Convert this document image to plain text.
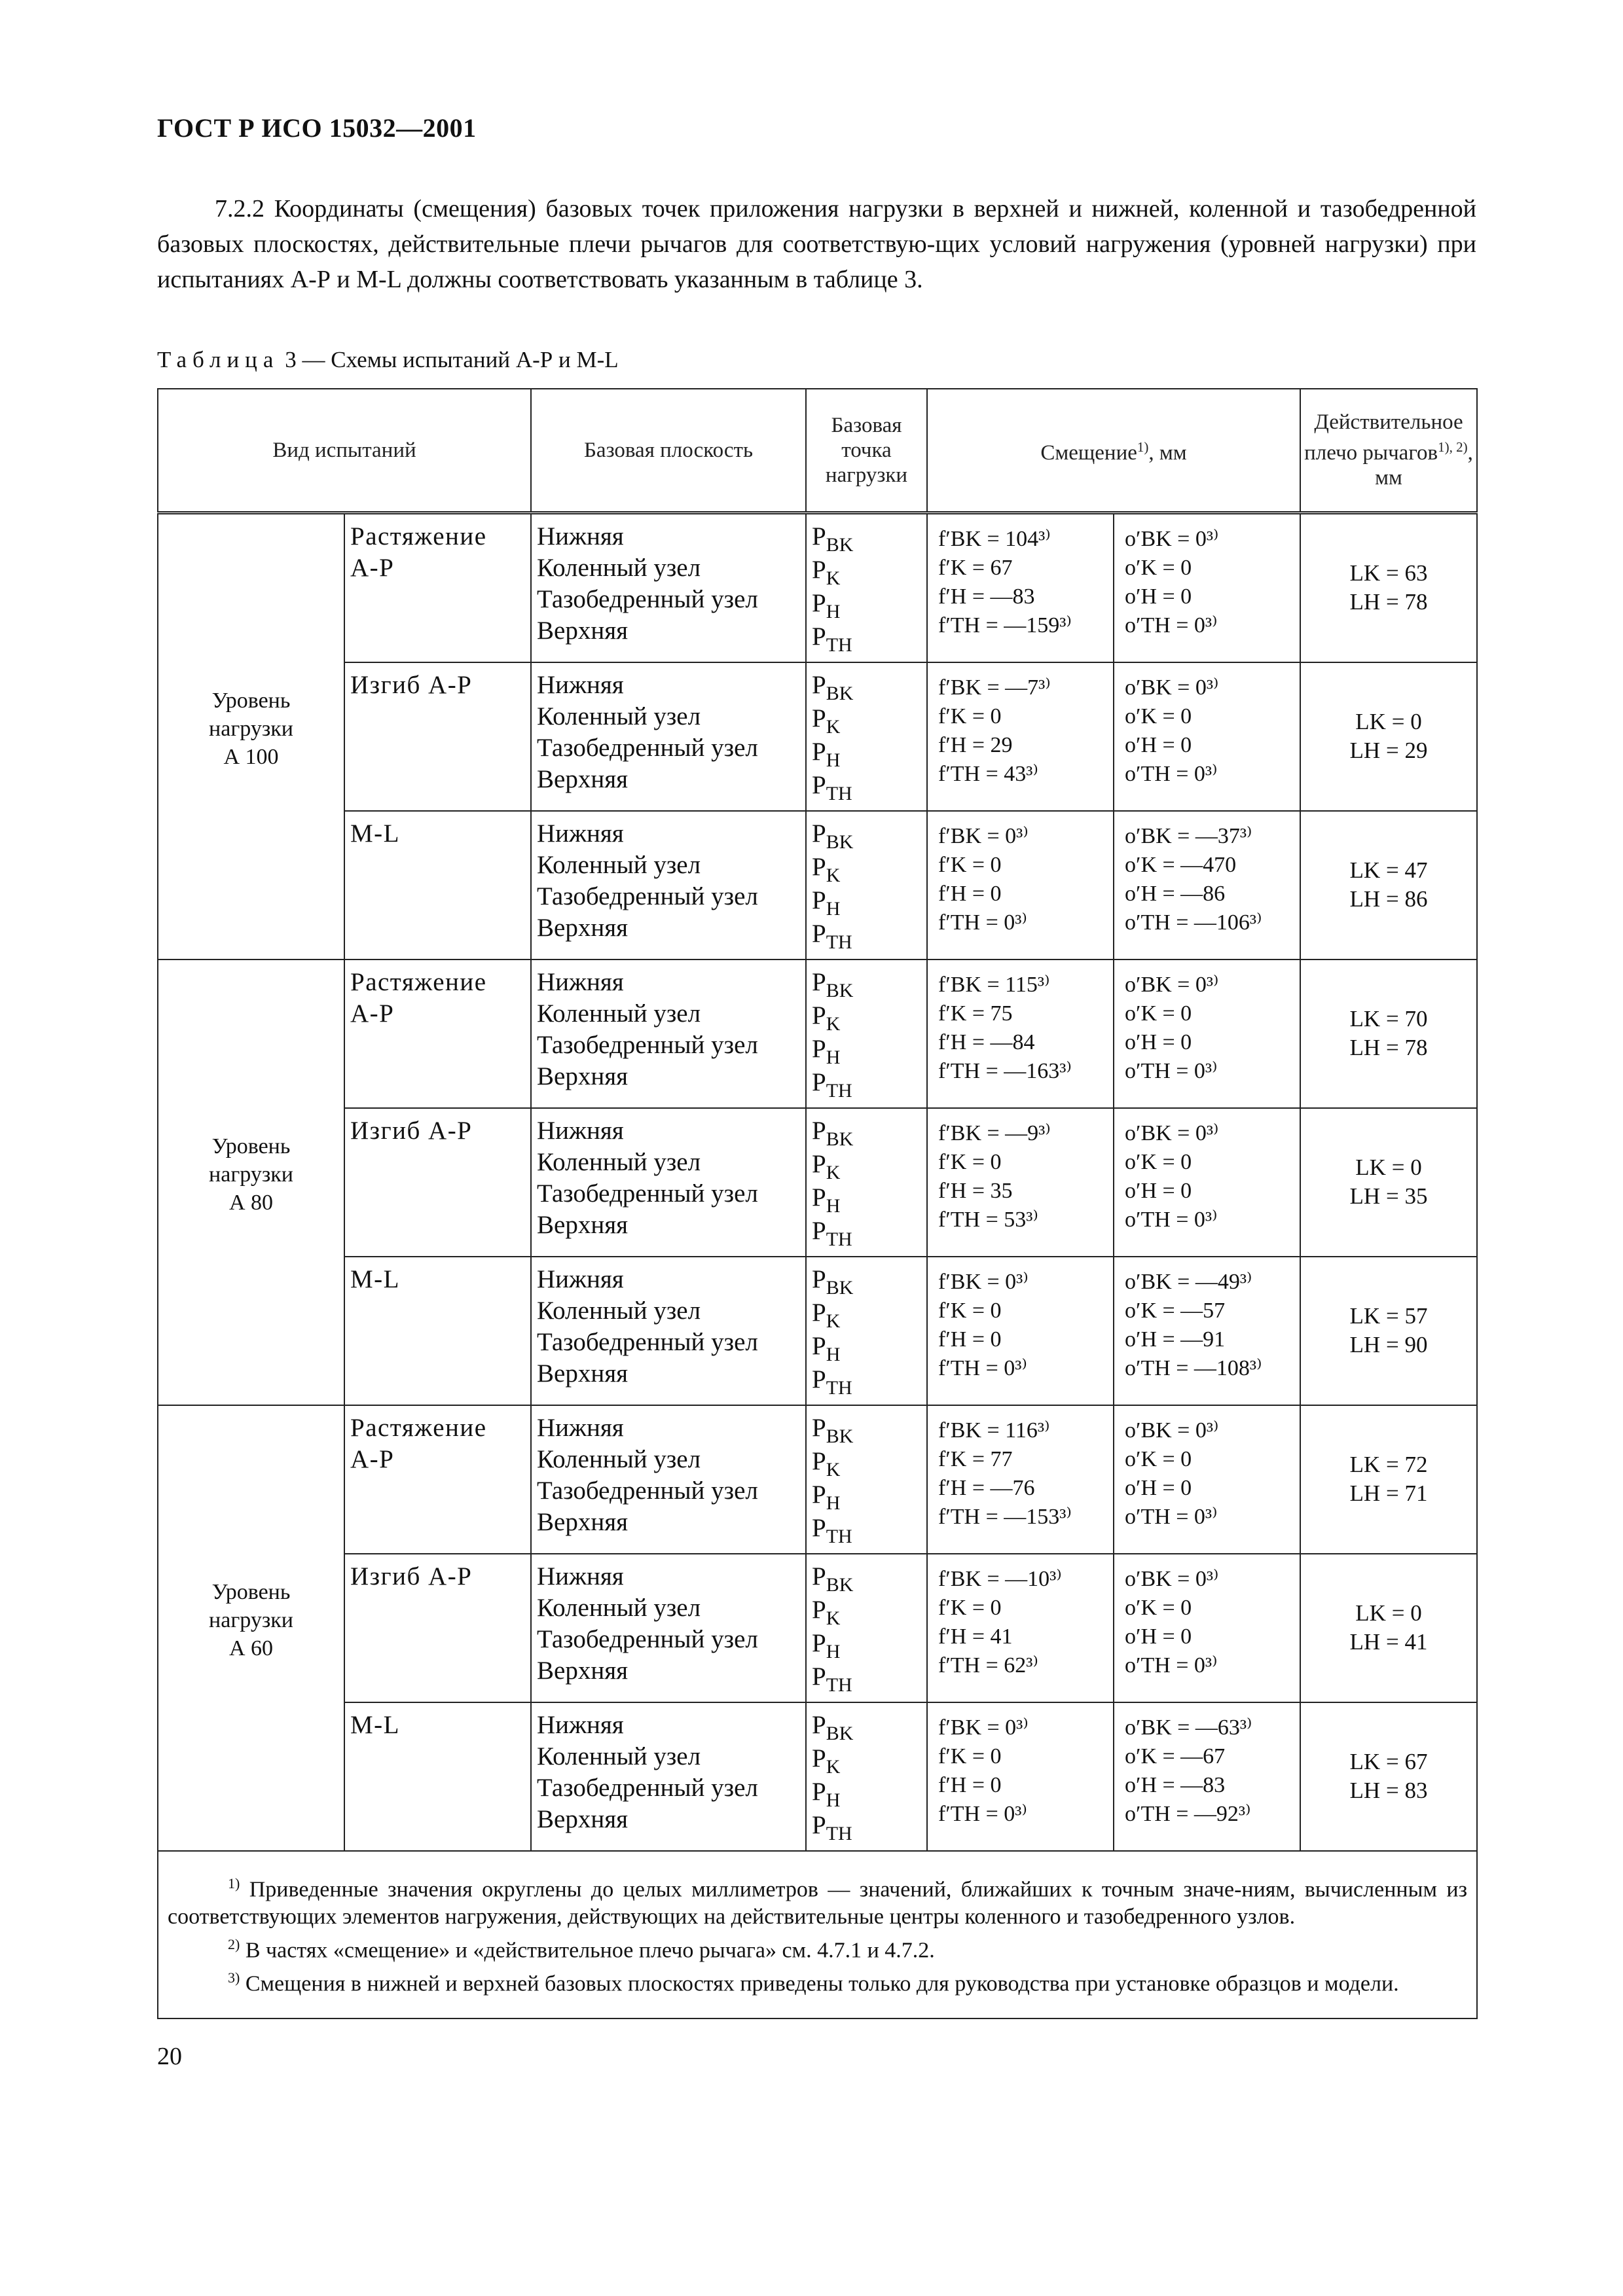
ГОСТ Р ИСО 15032—2001
7.2.2 Координаты (смещения) базовых точек приложения нагрузки в верхней и нижней, коленной и тазобедренной базовых плоскостях, действительные плечи рычагов для соответствую-щих условий нагружения (уровней нагрузки) при испытаниях А-Р и M-L должны соответствовать указанным в таблице 3.
Таблица 3 — Схемы испытаний А-Р и M-L
Вид испытаний		Базовая плоскость	Базовая точка нагрузки	Смещение$^{1)}$, мм		Действительное плечо рычагов$^{1), 2)}$, мм

Уровень
нагрузки
А 100	Растяжение
А-Р	Нижняя
Коленный узел
Тазобедренный узел
Верхняя	$P_{BK}$
$P_K$
$P_H$
$P_{TH}$	f′BK = 104³⁾
f′K = 67
f′H = —83
f′TH = —159³⁾	o′BK = 0³⁾
o′K = 0
o′H = 0
o′TH = 0³⁾	LK = 63
LH = 78

	Изгиб А-Р	Нижняя
Коленный узел
Тазобедренный узел
Верхняя	$P_{BK}$
$P_K$
$P_H$
$P_{TH}$	f′BK = —7³⁾
f′K = 0
f′H = 29
f′TH = 43³⁾	o′BK = 0³⁾
o′K = 0
o′H = 0
o′TH = 0³⁾	LK = 0
LH = 29

	M-L	Нижняя
Коленный узел
Тазобедренный узел
Верхняя	$P_{BK}$
$P_K$
$P_H$
$P_{TH}$	f′BK = 0³⁾
f′K = 0
f′H = 0
f′TH = 0³⁾	o′BK = —37³⁾
o′K = —470
o′H = —86
o′TH = —106³⁾	LK = 47
LH = 86

Уровень
нагрузки
А 80	Растяжение
А-Р	Нижняя
Коленный узел
Тазобедренный узел
Верхняя	$P_{BK}$
$P_K$
$P_H$
$P_{TH}$	f′BK = 115³⁾
f′K = 75
f′H = —84
f′TH = —163³⁾	o′BK = 0³⁾
o′K = 0
o′H = 0
o′TH = 0³⁾	LK = 70
LH = 78

	Изгиб А-Р	Нижняя
Коленный узел
Тазобедренный узел
Верхняя	$P_{BK}$
$P_K$
$P_H$
$P_{TH}$	f′BK = —9³⁾
f′K = 0
f′H = 35
f′TH = 53³⁾	o′BK = 0³⁾
o′K = 0
o′H = 0
o′TH = 0³⁾	LK = 0
LH = 35

	M-L	Нижняя
Коленный узел
Тазобедренный узел
Верхняя	$P_{BK}$
$P_K$
$P_H$
$P_{TH}$	f′BK = 0³⁾
f′K = 0
f′H = 0
f′TH = 0³⁾	o′BK = —49³⁾
o′K = —57
o′H = —91
o′TH = —108³⁾	LK = 57
LH = 90

Уровень
нагрузки
А 60	Растяжение
А-Р	Нижняя
Коленный узел
Тазобедренный узел
Верхняя	$P_{BK}$
$P_K$
$P_H$
$P_{TH}$	f′BK = 116³⁾
f′K = 77
f′H = —76
f′TH = —153³⁾	o′BK = 0³⁾
o′K = 0
o′H = 0
o′TH = 0³⁾	LK = 72
LH = 71

	Изгиб А-Р	Нижняя
Коленный узел
Тазобедренный узел
Верхняя	$P_{BK}$
$P_K$
$P_H$
$P_{TH}$	f′BK = —10³⁾
f′K = 0
f′H = 41
f′TH = 62³⁾	o′BK = 0³⁾
o′K = 0
o′H = 0
o′TH = 0³⁾	LK = 0
LH = 41

	M-L	Нижняя
Коленный узел
Тазобедренный узел
Верхняя	$P_{BK}$
$P_K$
$P_H$
$P_{TH}$	f′BK = 0³⁾
f′K = 0
f′H = 0
f′TH = 0³⁾	o′BK = —63³⁾
o′K = —67
o′H = —83
o′TH = —92³⁾	LK = 67
LH = 83

$^{1)}$ Приведенные значения округлены до целых миллиметров — значений, ближайших к точным значе-ниям, вычисленным из соответствующих элементов нагружения, действующих на действительные центры коленного и тазобедренного узлов.

$^{2)}$ В частях «смещение» и «действительное плечо рычага» см. 4.7.1 и 4.7.2.

$^{3)}$ Смещения в нижней и верхней базовых плоскостях приведены только для руководства при установке образцов и модели.						

20
